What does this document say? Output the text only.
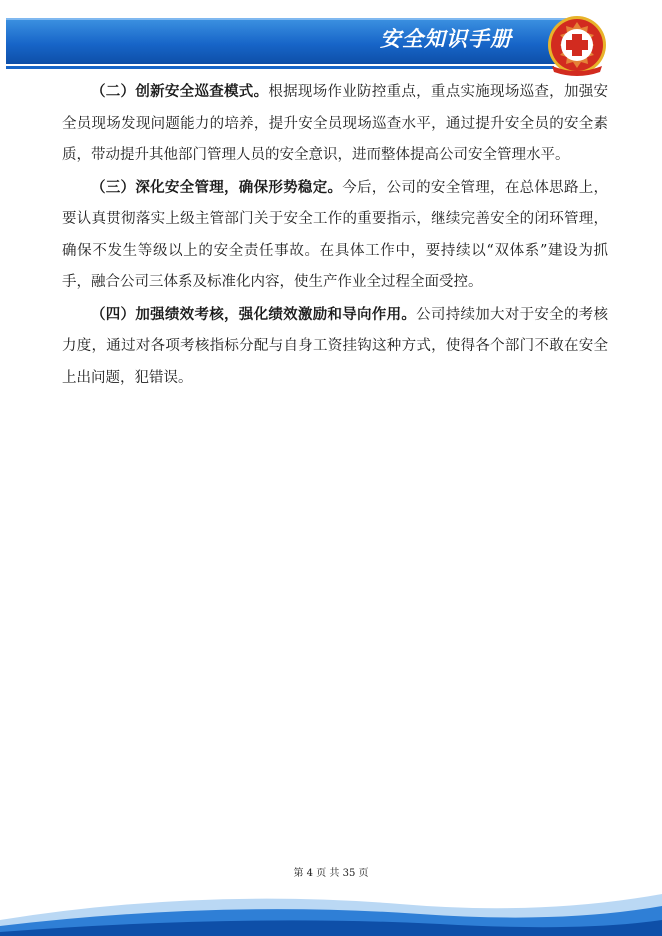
安全知识手册

（二）创新安全巡查模式。根据现场作业防控重点，重点实施现场巡查，加强安全员现场发现问题能力的培养，提升安全员现场巡查水平，通过提升安全员的安全素质，带动提升其他部门管理人员的安全意识，进而整体提高公司安全管理水平。

（三）深化安全管理，确保形势稳定。今后，公司的安全管理，在总体思路上，要认真贯彻落实上级主管部门关于安全工作的重要指示，继续完善安全的闭环管理，确保不发生等级以上的安全责任事故。在具体工作中，要持续以“双体系”建设为抓手，融合公司三体系及标准化内容，使生产作业全过程全面受控。

（四）加强绩效考核，强化绩效激励和导向作用。公司持续加大对于安全的考核力度，通过对各项考核指标分配与自身工资挂钩这种方式，使得各个部门不敢在安全上出问题，犯错误。

第 4 页 共 35 页
